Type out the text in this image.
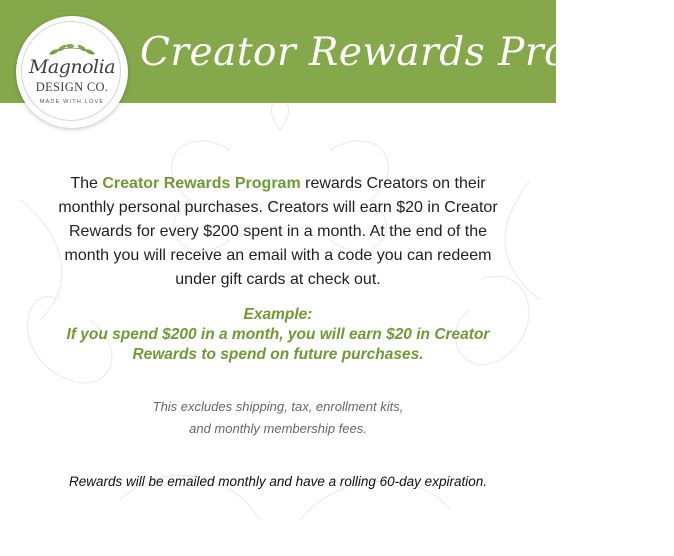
Creator Rewards Program
Magnolia
DESIGN CO.
MADE WITH LOVE
The Creator Rewards Program rewards Creators on their monthly personal purchases. Creators will earn $20 in Creator Rewards for every $200 spent in a month. At the end of the month you will receive an email with a code you can redeem under gift cards at check out.
Example:
If you spend $200 in a month, you will earn $20 in Creator Rewards to spend on future purchases.
This excludes shipping, tax, enrollment kits,
and monthly membership fees.
Rewards will be emailed monthly and have a rolling 60-day expiration.
